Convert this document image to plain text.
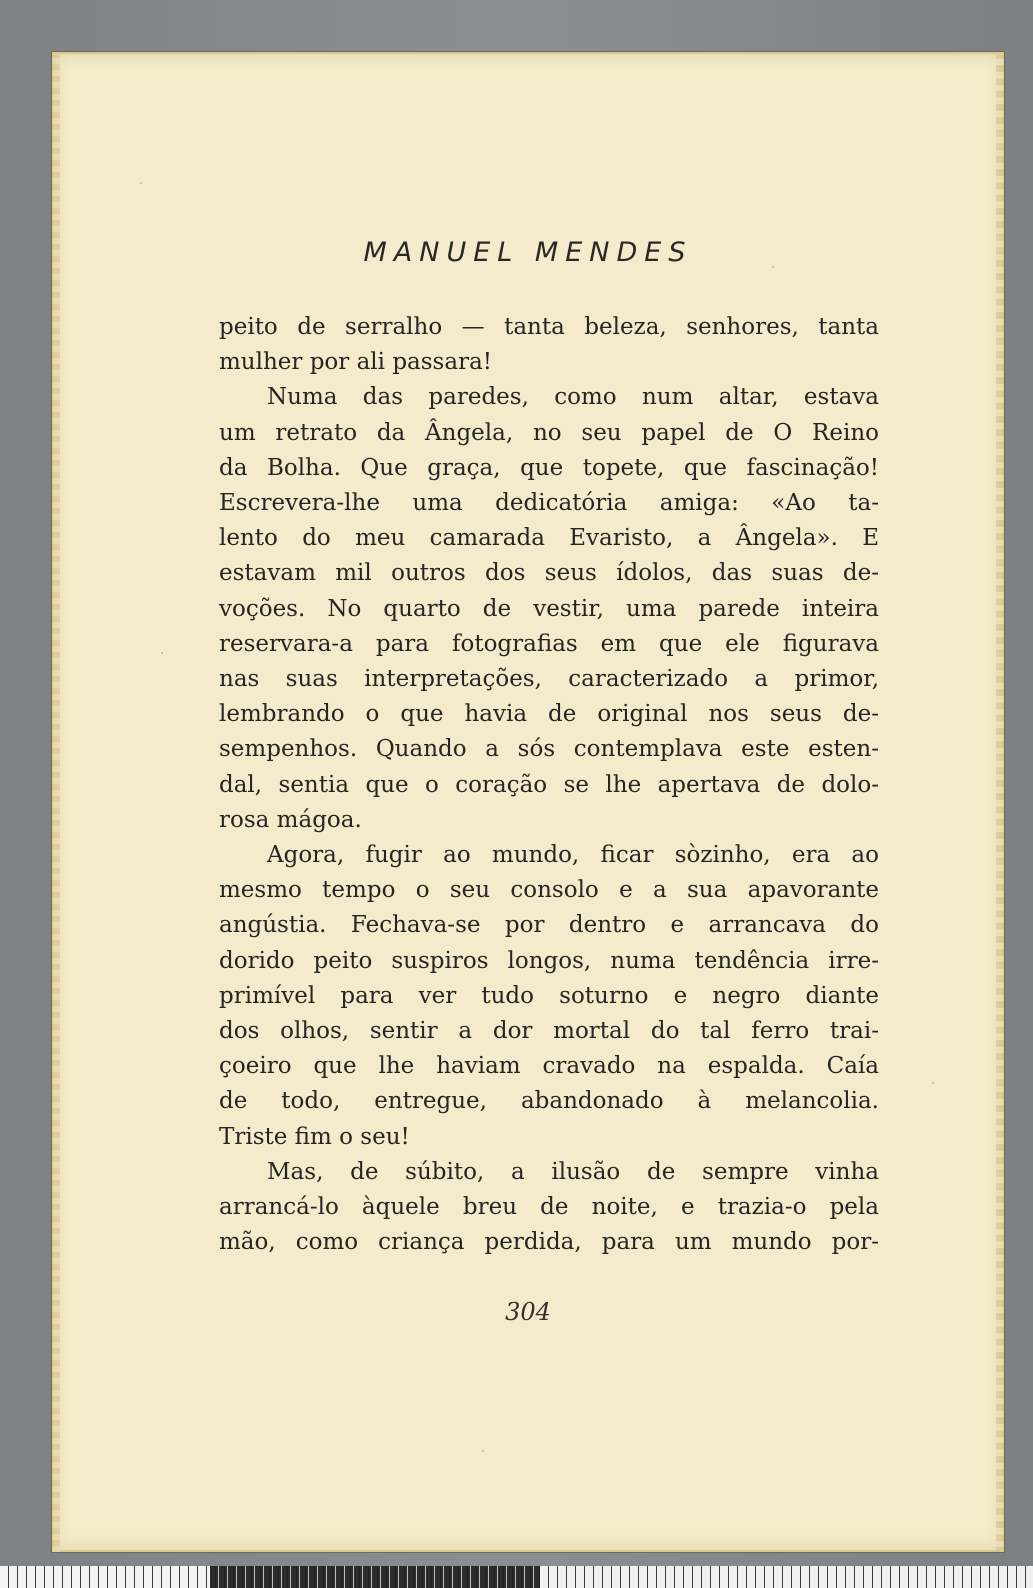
MANUEL MENDES
peito de serralho — tanta beleza, senhores, tanta
mulher por ali passara!
Numa das paredes, como num altar, estava
um retrato da Ângela, no seu papel de O Reino
da Bolha. Que graça, que topete, que fascinação!
Escrevera-lhe uma dedicatória amiga: «Ao ta-
lento do meu camarada Evaristo, a Ângela». E
estavam mil outros dos seus ídolos, das suas de-
voções. No quarto de vestir, uma parede inteira
reservara-a para fotografias em que ele figurava
nas suas interpretações, caracterizado a primor,
lembrando o que havia de original nos seus de-
sempenhos. Quando a sós contemplava este esten-
dal, sentia que o coração se lhe apertava de dolo-
rosa mágoa.
Agora, fugir ao mundo, ficar sòzinho, era ao
mesmo tempo o seu consolo e a sua apavorante
angústia. Fechava-se por dentro e arrancava do
dorido peito suspiros longos, numa tendência irre-
primível para ver tudo soturno e negro diante
dos olhos, sentir a dor mortal do tal ferro trai-
çoeiro que lhe haviam cravado na espalda. Caía
de todo, entregue, abandonado à melancolia.
Triste fim o seu!
Mas, de súbito, a ilusão de sempre vinha
arrancá-lo àquele breu de noite, e trazia-o pela
mão, como criança perdida, para um mundo por-
304
